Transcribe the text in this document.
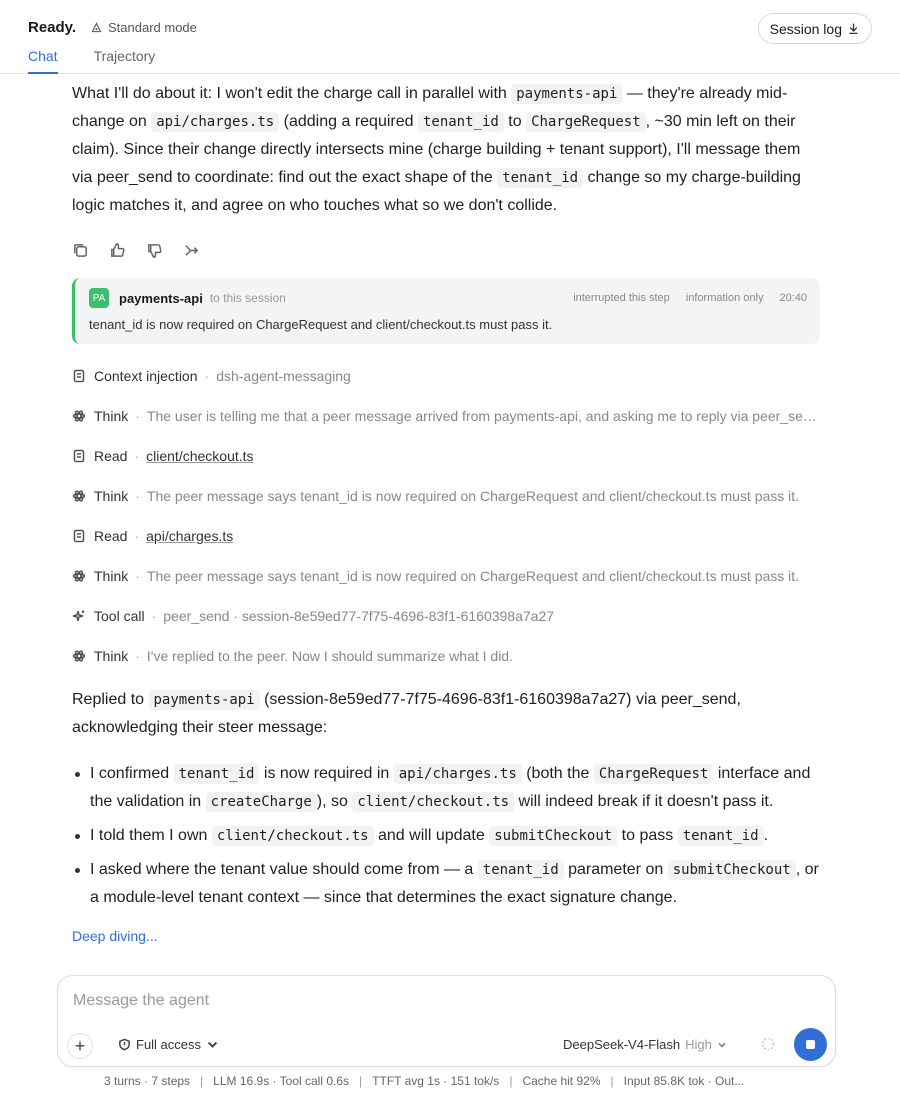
Ready. Standard mode
Chat	Trajectory
Session log

What I'll do about it: I won't edit the charge call in parallel with payments-api — they're already mid-change on api/charges.ts (adding a required tenant_id to ChargeRequest , ~30 min left on their claim). Since their change directly intersects mine (charge building + tenant support), I'll message them via peer_send to coordinate: find out the exact shape of the tenant_id change so my charge-building logic matches it, and agree on who touches what so we don't collide.

PA payments-api to this session	interrupted this step information only 20:40
tenant_id is now required on ChargeRequest and client/checkout.ts must pass it.
Context injection · dsh-agent-messaging
Think · The user is telling me that a peer message arrived from payments-api, and asking me to reply via peer_send.
Read · client/checkout.ts
Think · The peer message says tenant_id is now required on ChargeRequest and client/checkout.ts must pass it.
Read · api/charges.ts
Think · The peer message says tenant_id is now required on ChargeRequest and client/checkout.ts must pass it.
Tool call · peer_send · session-8e59ed77-7f75-4696-83f1-6160398a7a27
Think · I've replied to the peer. Now I should summarize what I did.

Replied to payments-api (session-8e59ed77-7f75-4696-83f1-6160398a7a27) via peer_send, acknowledging their steer message:

I confirmed tenant_id is now required in api/charges.ts (both the ChargeRequest interface and the validation in createCharge ), so client/checkout.ts will indeed break if it doesn't pass it.
I told them I own client/checkout.ts and will update submitCheckout to pass tenant_id .
I asked where the tenant value should come from — a tenant_id parameter on submitCheckout , or a module-level tenant context — since that determines the exact signature change.
Deep diving...
Message the agent
+	Full access	DeepSeek-V4-Flash High
3 turns · 7 steps | LLM 16.9s · Tool call 0.6s | TTFT avg 1s · 151 tok/s | Cache hit 92% | Input 85.8K tok · Out...
